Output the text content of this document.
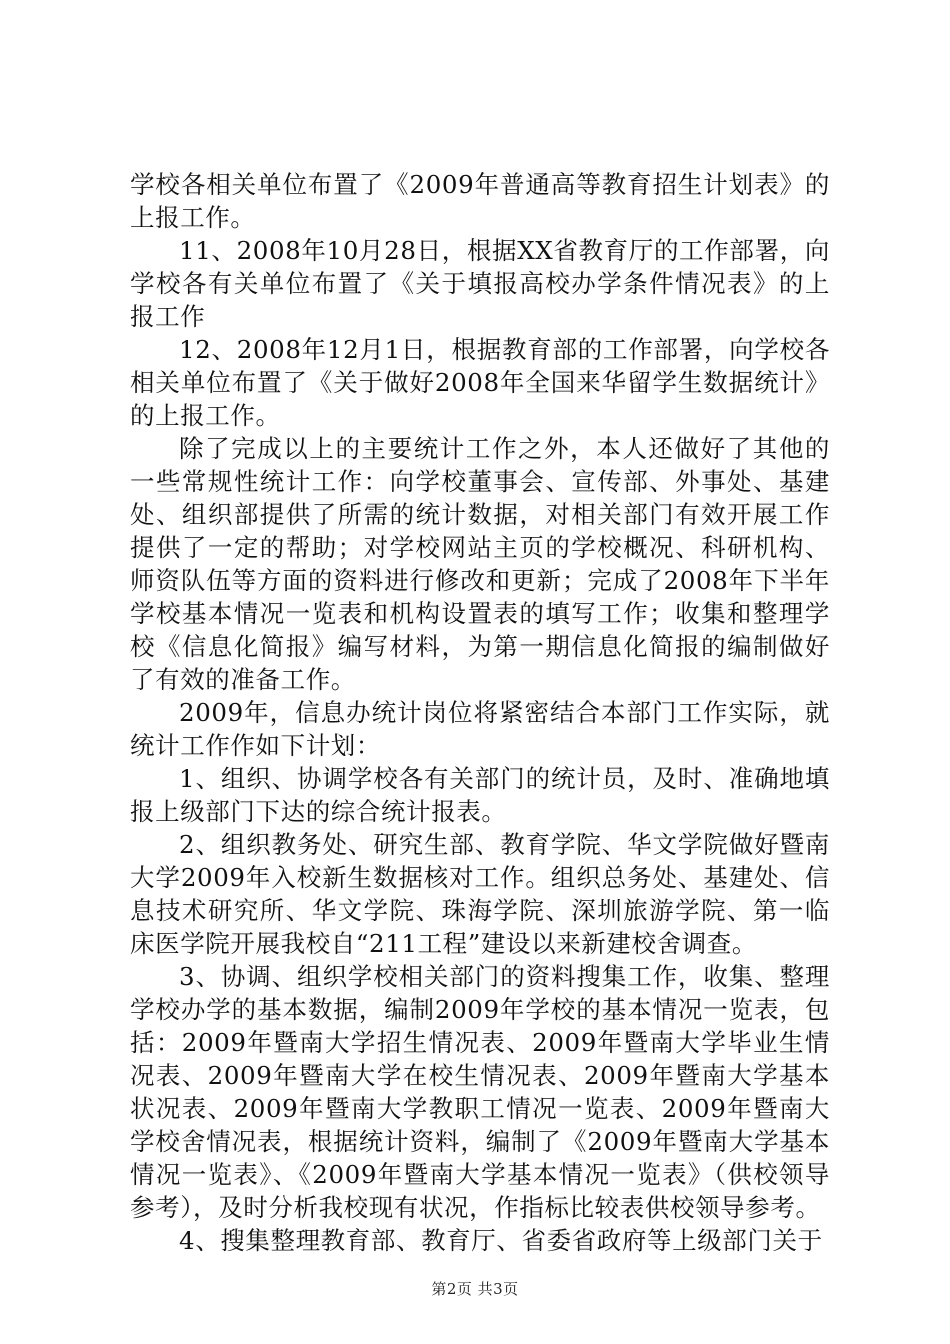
学校各相关单位布置了《2009年普通高等教育招生计划表》的上报工作。

11、2008年10月28日，根据XX省教育厅的工作部署，向学校各有关单位布置了《关于填报高校办学条件情况表》的上报工作

12、2008年12月1日，根据教育部的工作部署，向学校各相关单位布置了《关于做好2008年全国来华留学生数据统计》的上报工作。

除了完成以上的主要统计工作之外，本人还做好了其他的一些常规性统计工作：向学校董事会、宣传部、外事处、基建处、组织部提供了所需的统计数据，对相关部门有效开展工作提供了一定的帮助；对学校网站主页的学校概况、科研机构、师资队伍等方面的资料进行修改和更新；完成了2008年下半年学校基本情况一览表和机构设置表的填写工作；收集和整理学校《信息化简报》编写材料，为第一期信息化简报的编制做好了有效的准备工作。

2009年，信息办统计岗位将紧密结合本部门工作实际，就统计工作作如下计划：

1、组织、协调学校各有关部门的统计员，及时、准确地填报上级部门下达的综合统计报表。

2、组织教务处、研究生部、教育学院、华文学院做好暨南大学2009年入校新生数据核对工作。组织总务处、基建处、信息技术研究所、华文学院、珠海学院、深圳旅游学院、第一临床医学院开展我校自“211工程”建设以来新建校舍调查。

3、协调、组织学校相关部门的资料搜集工作，收集、整理学校办学的基本数据，编制2009年学校的基本情况一览表，包括：2009年暨南大学招生情况表、2009年暨南大学毕业生情况表、2009年暨南大学在校生情况表、2009年暨南大学基本状况表、2009年暨南大学教职工情况一览表、2009年暨南大学校舍情况表，根据统计资料，编制了《2009年暨南大学基本情况一览表》、《2009年暨南大学基本情况一览表》（供校领导参考），及时分析我校现有状况，作指标比较表供校领导参考。

4、搜集整理教育部、教育厅、省委省政府等上级部门关于

第2页 共3页
